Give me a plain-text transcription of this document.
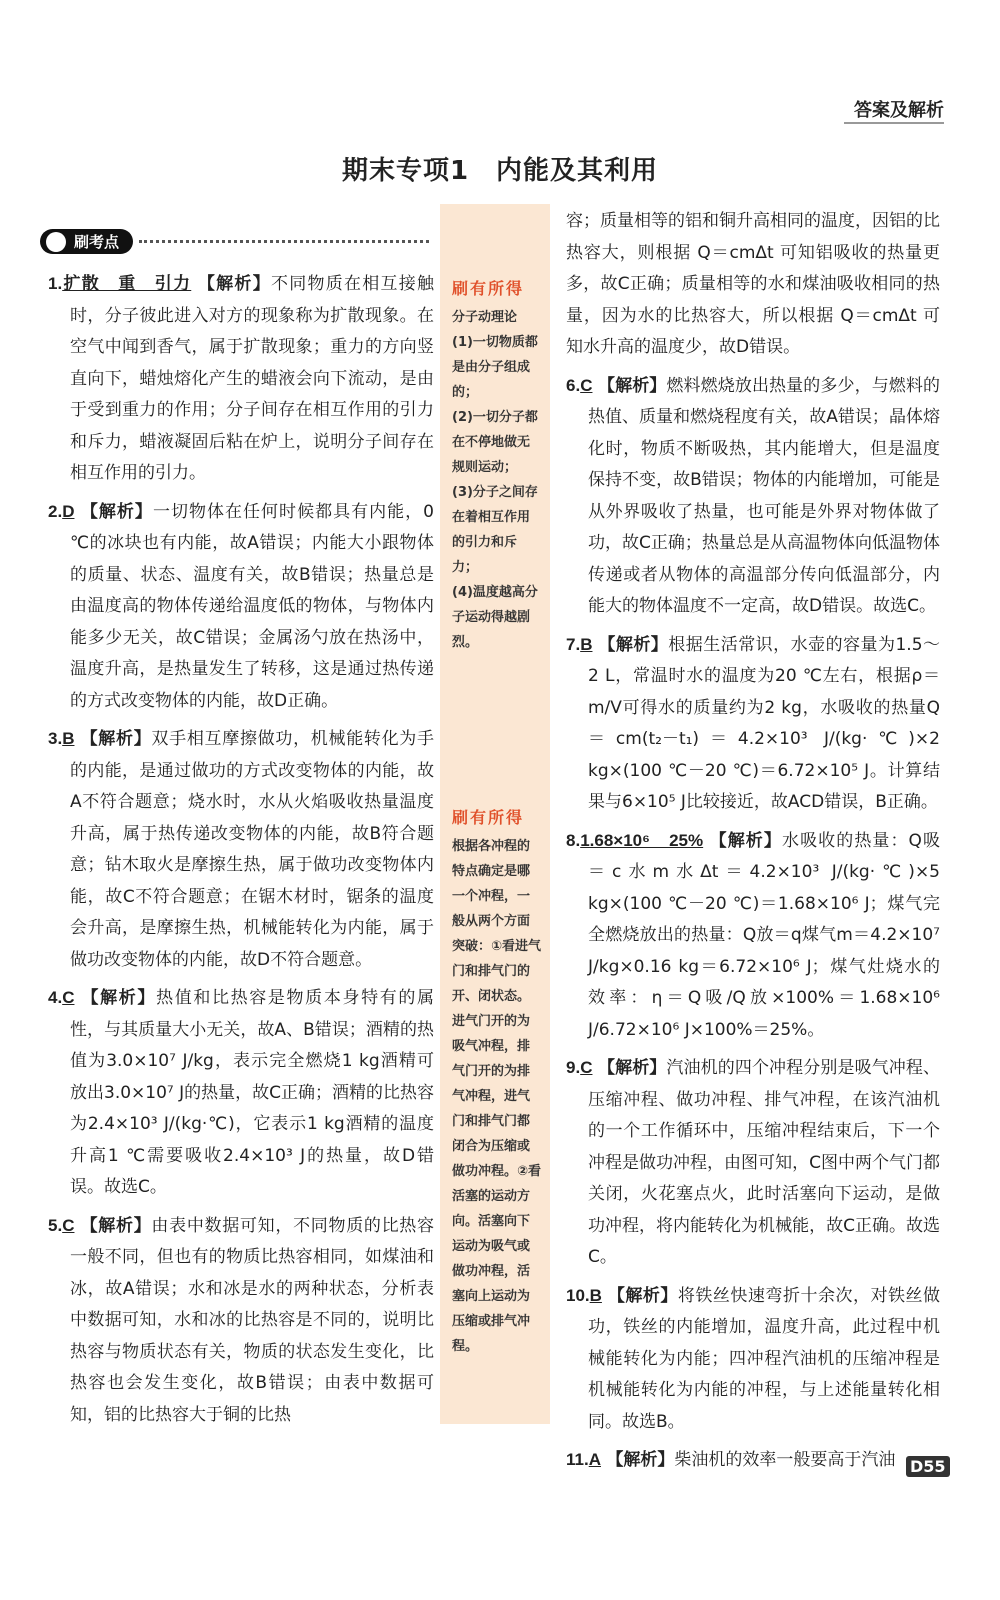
答案及解析
期末专项1　内能及其利用
刷考点

1.扩散　重　引力 【解析】不同物质在相互接触时，分子彼此进入对方的现象称为扩散现象。在空气中闻到香气，属于扩散现象；重力的方向竖直向下，蜡烛熔化产生的蜡液会向下流动，是由于受到重力的作用；分子间存在相互作用的引力和斥力，蜡液凝固后粘在炉上，说明分子间存在相互作用的引力。

2.D 【解析】一切物体在任何时候都具有内能，0 ℃的冰块也有内能，故A错误；内能大小跟物体的质量、状态、温度有关，故B错误；热量总是由温度高的物体传递给温度低的物体，与物体内能多少无关，故C错误；金属汤勺放在热汤中，温度升高，是热量发生了转移，这是通过热传递的方式改变物体的内能，故D正确。

3.B 【解析】双手相互摩擦做功，机械能转化为手的内能，是通过做功的方式改变物体的内能，故A不符合题意；烧水时，水从火焰吸收热量温度升高，属于热传递改变物体的内能，故B符合题意；钻木取火是摩擦生热，属于做功改变物体内能，故C不符合题意；在锯木材时，锯条的温度会升高，是摩擦生热，机械能转化为内能，属于做功改变物体的内能，故D不符合题意。

4.C 【解析】热值和比热容是物质本身特有的属性，与其质量大小无关，故A、B错误；酒精的热值为3.0×10⁷ J/kg，表示完全燃烧1 kg酒精可放出3.0×10⁷ J的热量，故C正确；酒精的比热容为2.4×10³ J/(kg·℃)，它表示1 kg酒精的温度升高1 ℃需要吸收2.4×10³ J的热量，故D错误。故选C。

5.C 【解析】由表中数据可知，不同物质的比热容一般不同，但也有的物质比热容相同，如煤油和冰，故A错误；水和冰是水的两种状态，分析表中数据可知，水和冰的比热容是不同的，说明比热容与物质状态有关，物质的状态发生变化，比热容也会发生变化，故B错误；由表中数据可知，铝的比热容大于铜的比热

刷有所得
分子动理论
(1)一切物质都是由分子组成的；
(2)一切分子都在不停地做无规则运动；
(3)分子之间存在着相互作用的引力和斥力；
(4)温度越高分子运动得越剧烈。
刷有所得
根据各冲程的特点确定是哪一个冲程，一般从两个方面突破：①看进气门和排气门的开、闭状态。进气门开的为吸气冲程，排气门开的为排气冲程，进气门和排气门都闭合为压缩或做功冲程。②看活塞的运动方向。活塞向下运动为吸气或做功冲程，活塞向上运动为压缩或排气冲程。

容；质量相等的铝和铜升高相同的温度，因铝的比热容大，则根据 Q＝cmΔt 可知铝吸收的热量更多，故C正确；质量相等的水和煤油吸收相同的热量，因为水的比热容大，所以根据 Q＝cmΔt 可知水升高的温度少，故D错误。

6.C 【解析】燃料燃烧放出热量的多少，与燃料的热值、质量和燃烧程度有关，故A错误；晶体熔化时，物质不断吸热，其内能增大，但是温度保持不变，故B错误；物体的内能增加，可能是从外界吸收了热量，也可能是外界对物体做了功，故C正确；热量总是从高温物体向低温物体传递或者从物体的高温部分传向低温部分，内能大的物体温度不一定高，故D错误。故选C。

7.B 【解析】根据生活常识，水壶的容量为1.5～2 L，常温时水的温度为20 ℃左右，根据ρ＝m/V可得水的质量约为2 kg，水吸收的热量Q＝cm(t₂－t₁)＝4.2×10³ J/(kg·℃)×2 kg×(100 ℃－20 ℃)＝6.72×10⁵ J。计算结果与6×10⁵ J比较接近，故ACD错误，B正确。

8.1.68×10⁶　25% 【解析】水吸收的热量：Q吸＝c水m水Δt＝4.2×10³ J/(kg·℃)×5 kg×(100 ℃－20 ℃)＝1.68×10⁶ J；煤气完全燃烧放出的热量：Q放＝q煤气m＝4.2×10⁷ J/kg×0.16 kg＝6.72×10⁶ J；煤气灶烧水的效率：η＝Q吸/Q放×100%＝1.68×10⁶ J/6.72×10⁶ J×100%＝25%。

9.C 【解析】汽油机的四个冲程分别是吸气冲程、压缩冲程、做功冲程、排气冲程，在该汽油机的一个工作循环中，压缩冲程结束后，下一个冲程是做功冲程，由图可知，C图中两个气门都关闭，火花塞点火，此时活塞向下运动，是做功冲程，将内能转化为机械能，故C正确。故选C。

10.B 【解析】将铁丝快速弯折十余次，对铁丝做功，铁丝的内能增加，温度升高，此过程中机械能转化为内能；四冲程汽油机的压缩冲程是机械能转化为内能的冲程，与上述能量转化相同。故选B。

11.A 【解析】柴油机的效率一般要高于汽油 D55
